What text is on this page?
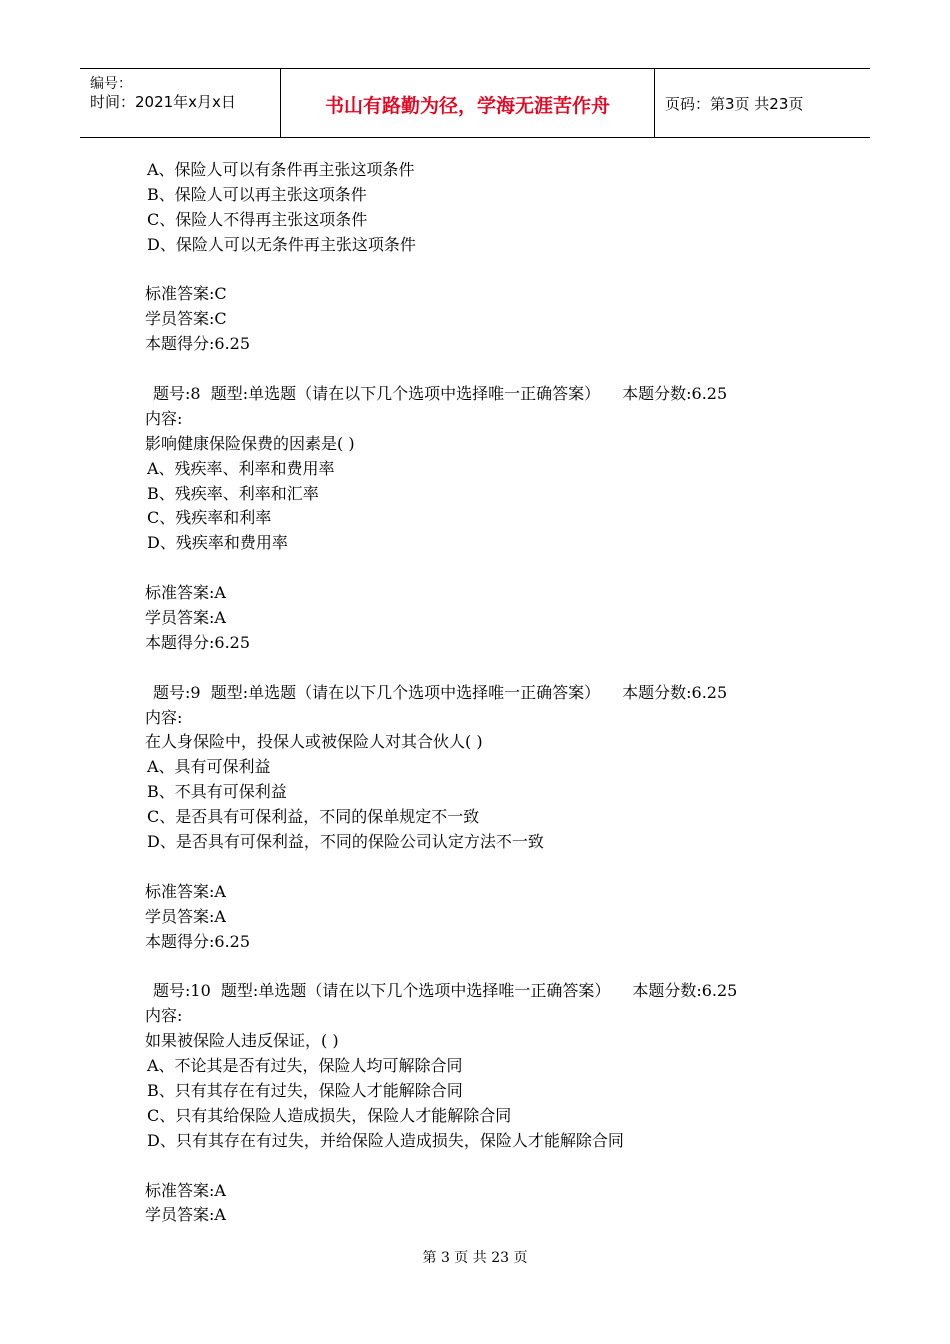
编号：
时间：2021年x月x日	书山有路勤为径，学海无涯苦作舟	页码：第3页 共23页
A、保险人可以有条件再主张这项条件
B、保险人可以再主张这项条件
C、保险人不得再主张这项条件
D、保险人可以无条件再主张这项条件
标准答案:C
学员答案:C
本题得分:6.25
题号:8  题型:单选题（请在以下几个选项中选择唯一正确答案） 本题分数:6.25
内容:
影响健康保险保费的因素是( )
A、残疾率、利率和费用率
B、残疾率、利率和汇率
C、残疾率和利率
D、残疾率和费用率
标准答案:A
学员答案:A
本题得分:6.25
题号:9  题型:单选题（请在以下几个选项中选择唯一正确答案） 本题分数:6.25
内容:
在人身保险中，投保人或被保险人对其合伙人( )
A、具有可保利益
B、不具有可保利益
C、是否具有可保利益，不同的保单规定不一致
D、是否具有可保利益，不同的保险公司认定方法不一致
标准答案:A
学员答案:A
本题得分:6.25
题号:10  题型:单选题（请在以下几个选项中选择唯一正确答案） 本题分数:6.25
内容:
如果被保险人违反保证，( )
A、不论其是否有过失，保险人均可解除合同
B、只有其存在有过失，保险人才能解除合同
C、只有其给保险人造成损失，保险人才能解除合同
D、只有其存在有过失，并给保险人造成损失，保险人才能解除合同
标准答案:A
学员答案:A
第 3 页 共 23 页
